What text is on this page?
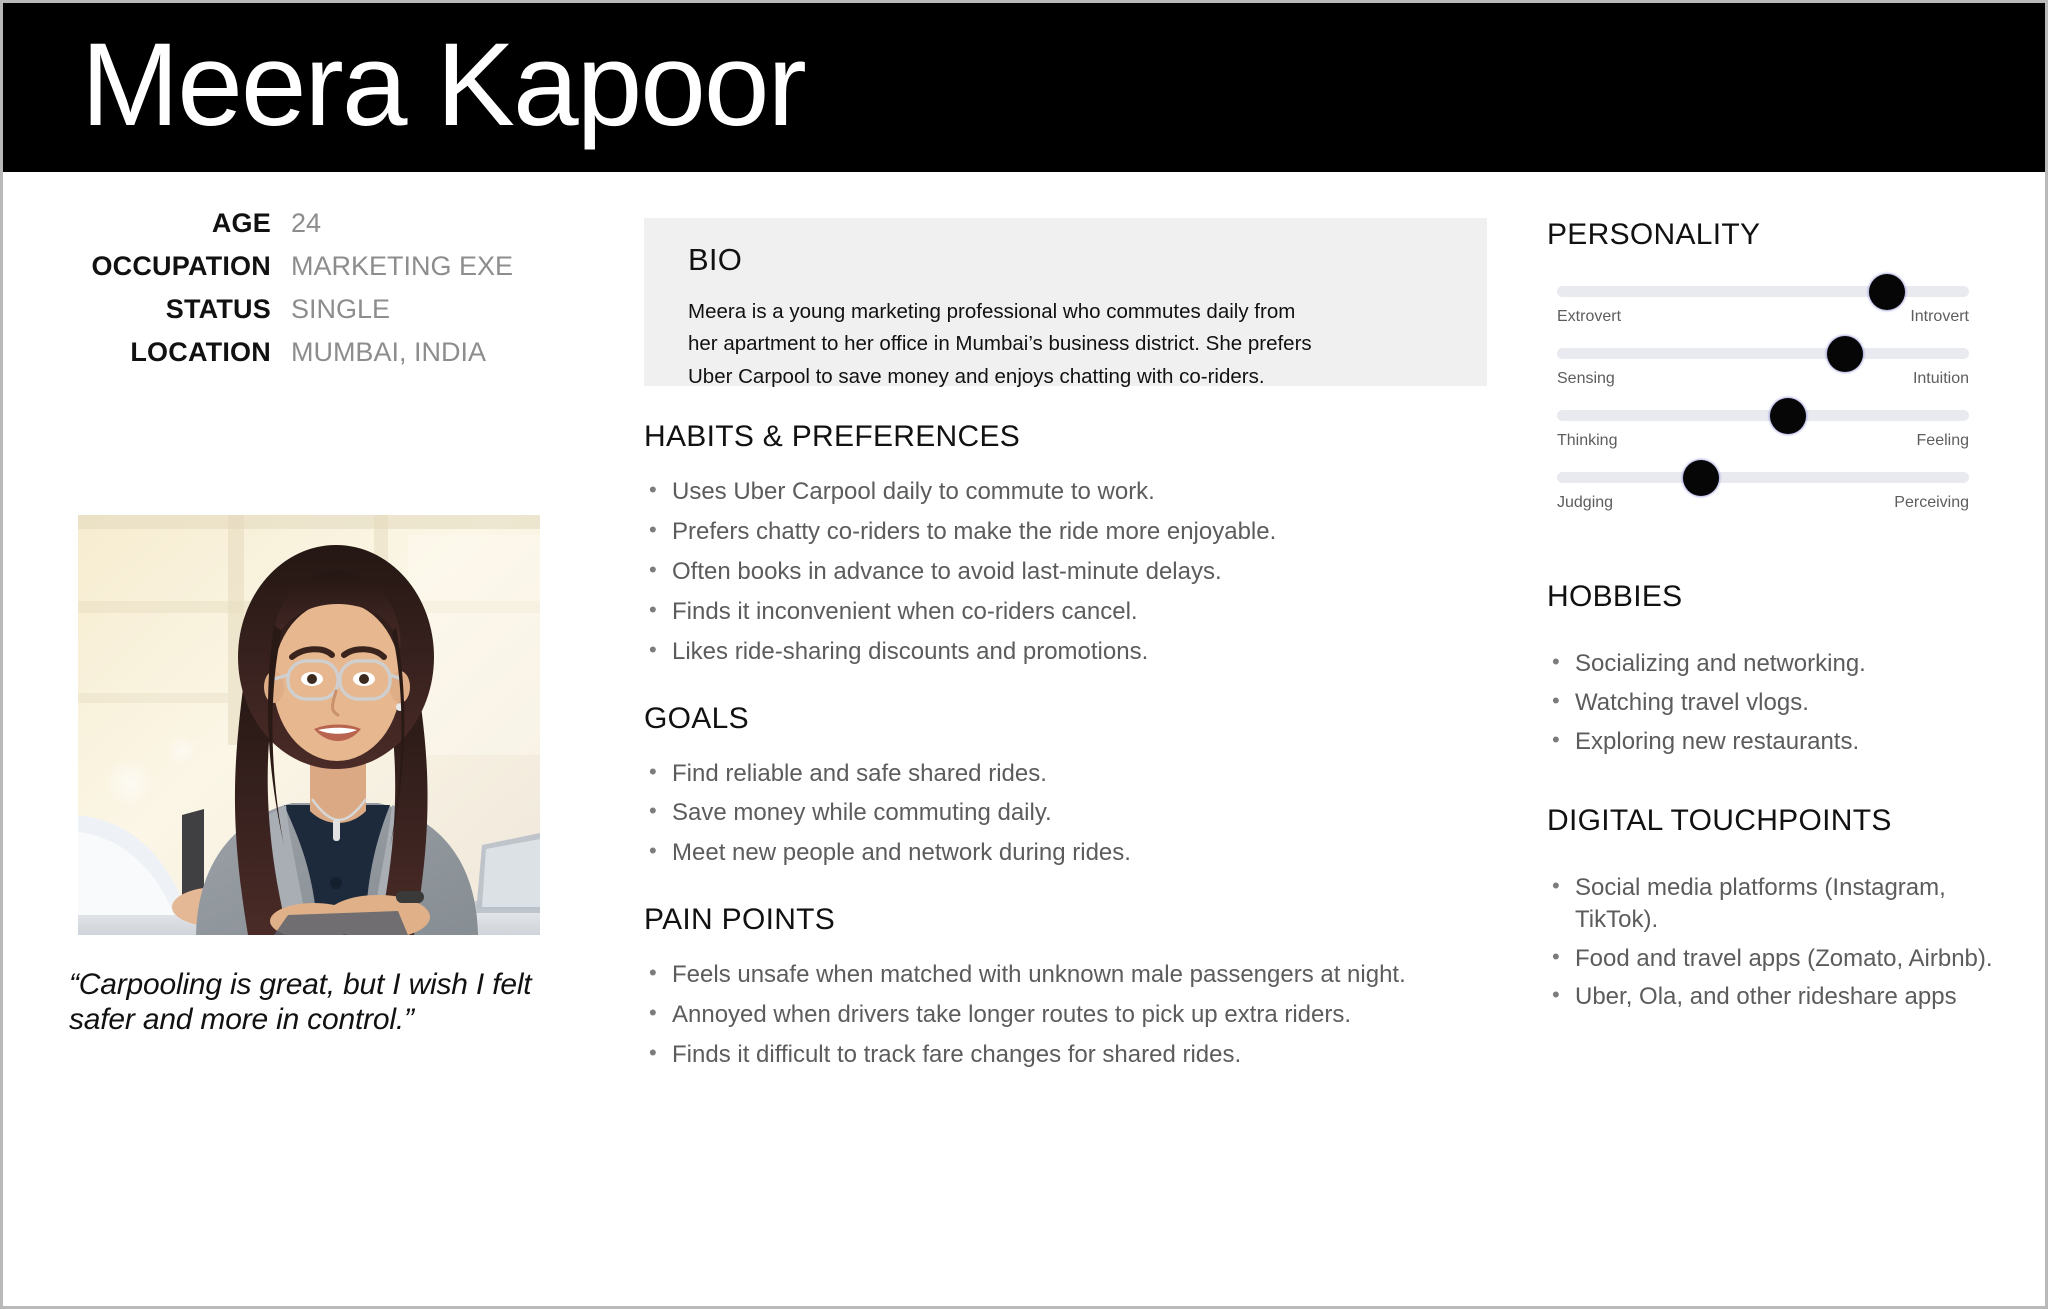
Meera Kapoor
AGE	24
OCCUPATION	MARKETING EXE
STATUS	SINGLE
LOCATION	MUMBAI, INDIA
“Carpooling is great, but I wish I felt safer and more in control.”
BIO
Meera is a young marketing professional who commutes daily from her apartment to her office in Mumbai’s business district. She prefers Uber Carpool to save money and enjoys chatting with co-riders.
HABITS & PREFERENCES
• Uses Uber Carpool daily to commute to work.
• Prefers chatty co-riders to make the ride more enjoyable.
• Often books in advance to avoid last-minute delays.
• Finds it inconvenient when co-riders cancel.
• Likes ride-sharing discounts and promotions.
GOALS
• Find reliable and safe shared rides.
• Save money while commuting daily.
• Meet new people and network during rides.
PAIN POINTS
• Feels unsafe when matched with unknown male passengers at night.
• Annoyed when drivers take longer routes to pick up extra riders.
• Finds it difficult to track fare changes for shared rides.
PERSONALITY
Extrovert	Introvert
Sensing	Intuition
Thinking	Feeling
Judging	Perceiving
HOBBIES
• Socializing and networking.
• Watching travel vlogs.
• Exploring new restaurants.
DIGITAL TOUCHPOINTS
• Social media platforms (Instagram, TikTok).
• Food and travel apps (Zomato, Airbnb).
• Uber, Ola, and other rideshare apps
